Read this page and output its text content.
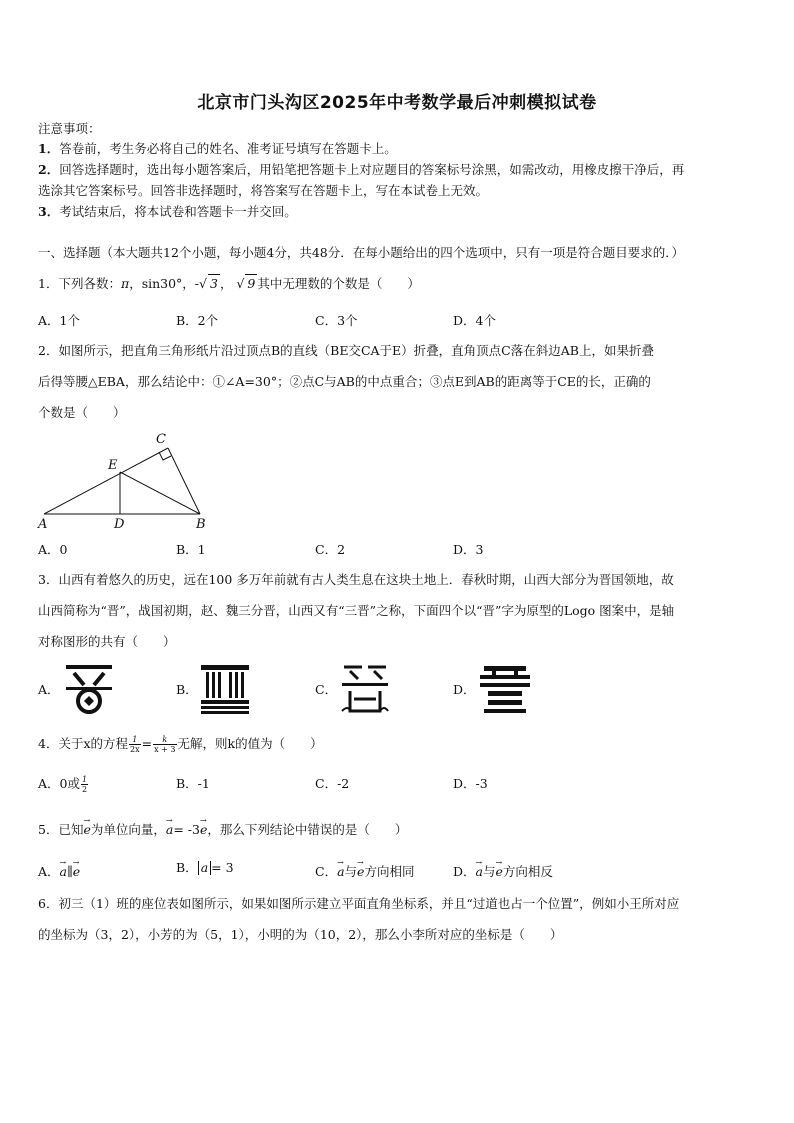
北京市门头沟区2025年中考数学最后冲刺模拟试卷
注意事项：
1．答卷前，考生务必将自己的姓名、准考证号填写在答题卡上。
2．回答选择题时，选出每小题答案后，用铅笔把答题卡上对应题目的答案标号涂黑，如需改动，用橡皮擦干净后，再
选涂其它答案标号。回答非选择题时，将答案写在答题卡上，写在本试卷上无效。
3．考试结束后，将本试卷和答题卡一并交回。
一、选择题（本大题共12个小题，每小题4分，共48分．在每小题给出的四个选项中，只有一项是符合题目要求的．）
1．下列各数：π，sin30°，-√ 3 ， √ 9 其中无理数的个数是（　　）
A．1个	B．2个	C．3个	D．4个
2．如图所示，把直角三角形纸片沿过顶点B的直线（BE交CA于E）折叠，直角顶点C落在斜边AB上，如果折叠
后得等腰△EBA，那么结论中：①∠A=30°；②点C与AB的中点重合；③点E到AB的距离等于CE的长，正确的
个数是（　　）
C
E
A	D	B
A．0	B．1	C．2	D．3
3．山西有着悠久的历史，远在100 多万年前就有古人类生息在这块土地上．春秋时期，山西大部分为晋国领地，故
山西简称为“晋”，战国初期，赵、魏三分晋，山西又有“三晋”之称，下面四个以“晋”字为原型的Logo 图案中，是轴
对称图形的共有（　　）
A．	B．	C．	D．
4．关于x的方程 $\frac{1}{2x} = \frac{k}{x + 3}$ 无解，则k的值为（　　）
A．0或 $\frac{1}{2}$	B．-1	C．-2	D．-3
5．已知→ e为单位向量，→ a= -3→ e，那么下列结论中错误的是（　　）
A．→ a∥→ e	B． a = 3	C．→ a与→ e方向相同	D．→ a与→ e方向相反
6．初三（1）班的座位表如图所示，如果如图所示建立平面直角坐标系，并且“过道也占一个位置”，例如小王所对应
的坐标为（3，2），小芳的为（5，1），小明的为（10，2），那么小李所对应的坐标是（　　）
